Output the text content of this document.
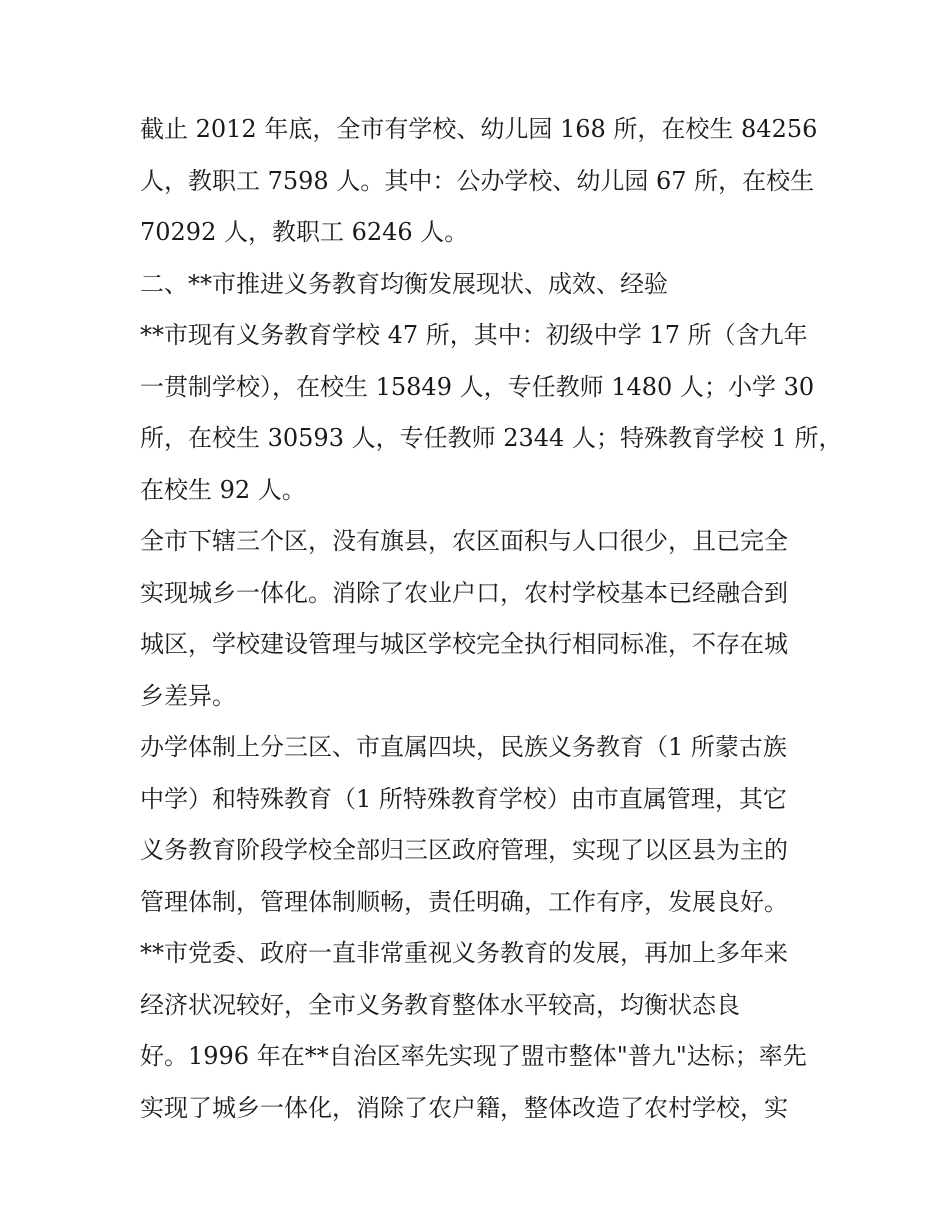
截止 2012 年底，全市有学校、幼儿园 168 所，在校生 84256
人，教职工 7598 人。其中：公办学校、幼儿园 67 所，在校生
70292 人，教职工 6246 人。
二、**市推进义务教育均衡发展现状、成效、经验
**市现有义务教育学校 47 所，其中：初级中学 17 所（含九年
一贯制学校），在校生 15849 人，专任教师 1480 人；小学 30
所，在校生 30593 人，专任教师 2344 人；特殊教育学校 1 所，
在校生 92 人。
全市下辖三个区，没有旗县，农区面积与人口很少，且已完全
实现城乡一体化。消除了农业户口，农村学校基本已经融合到
城区，学校建设管理与城区学校完全执行相同标准，不存在城
乡差异。
办学体制上分三区、市直属四块，民族义务教育（1 所蒙古族
中学）和特殊教育（1 所特殊教育学校）由市直属管理，其它
义务教育阶段学校全部归三区政府管理，实现了以区县为主的
管理体制，管理体制顺畅，责任明确，工作有序，发展良好。
**市党委、政府一直非常重视义务教育的发展，再加上多年来
经济状况较好，全市义务教育整体水平较高，均衡状态良
好。1996 年在**自治区率先实现了盟市整体"普九"达标；率先
实现了城乡一体化，消除了农户籍，整体改造了农村学校，实
